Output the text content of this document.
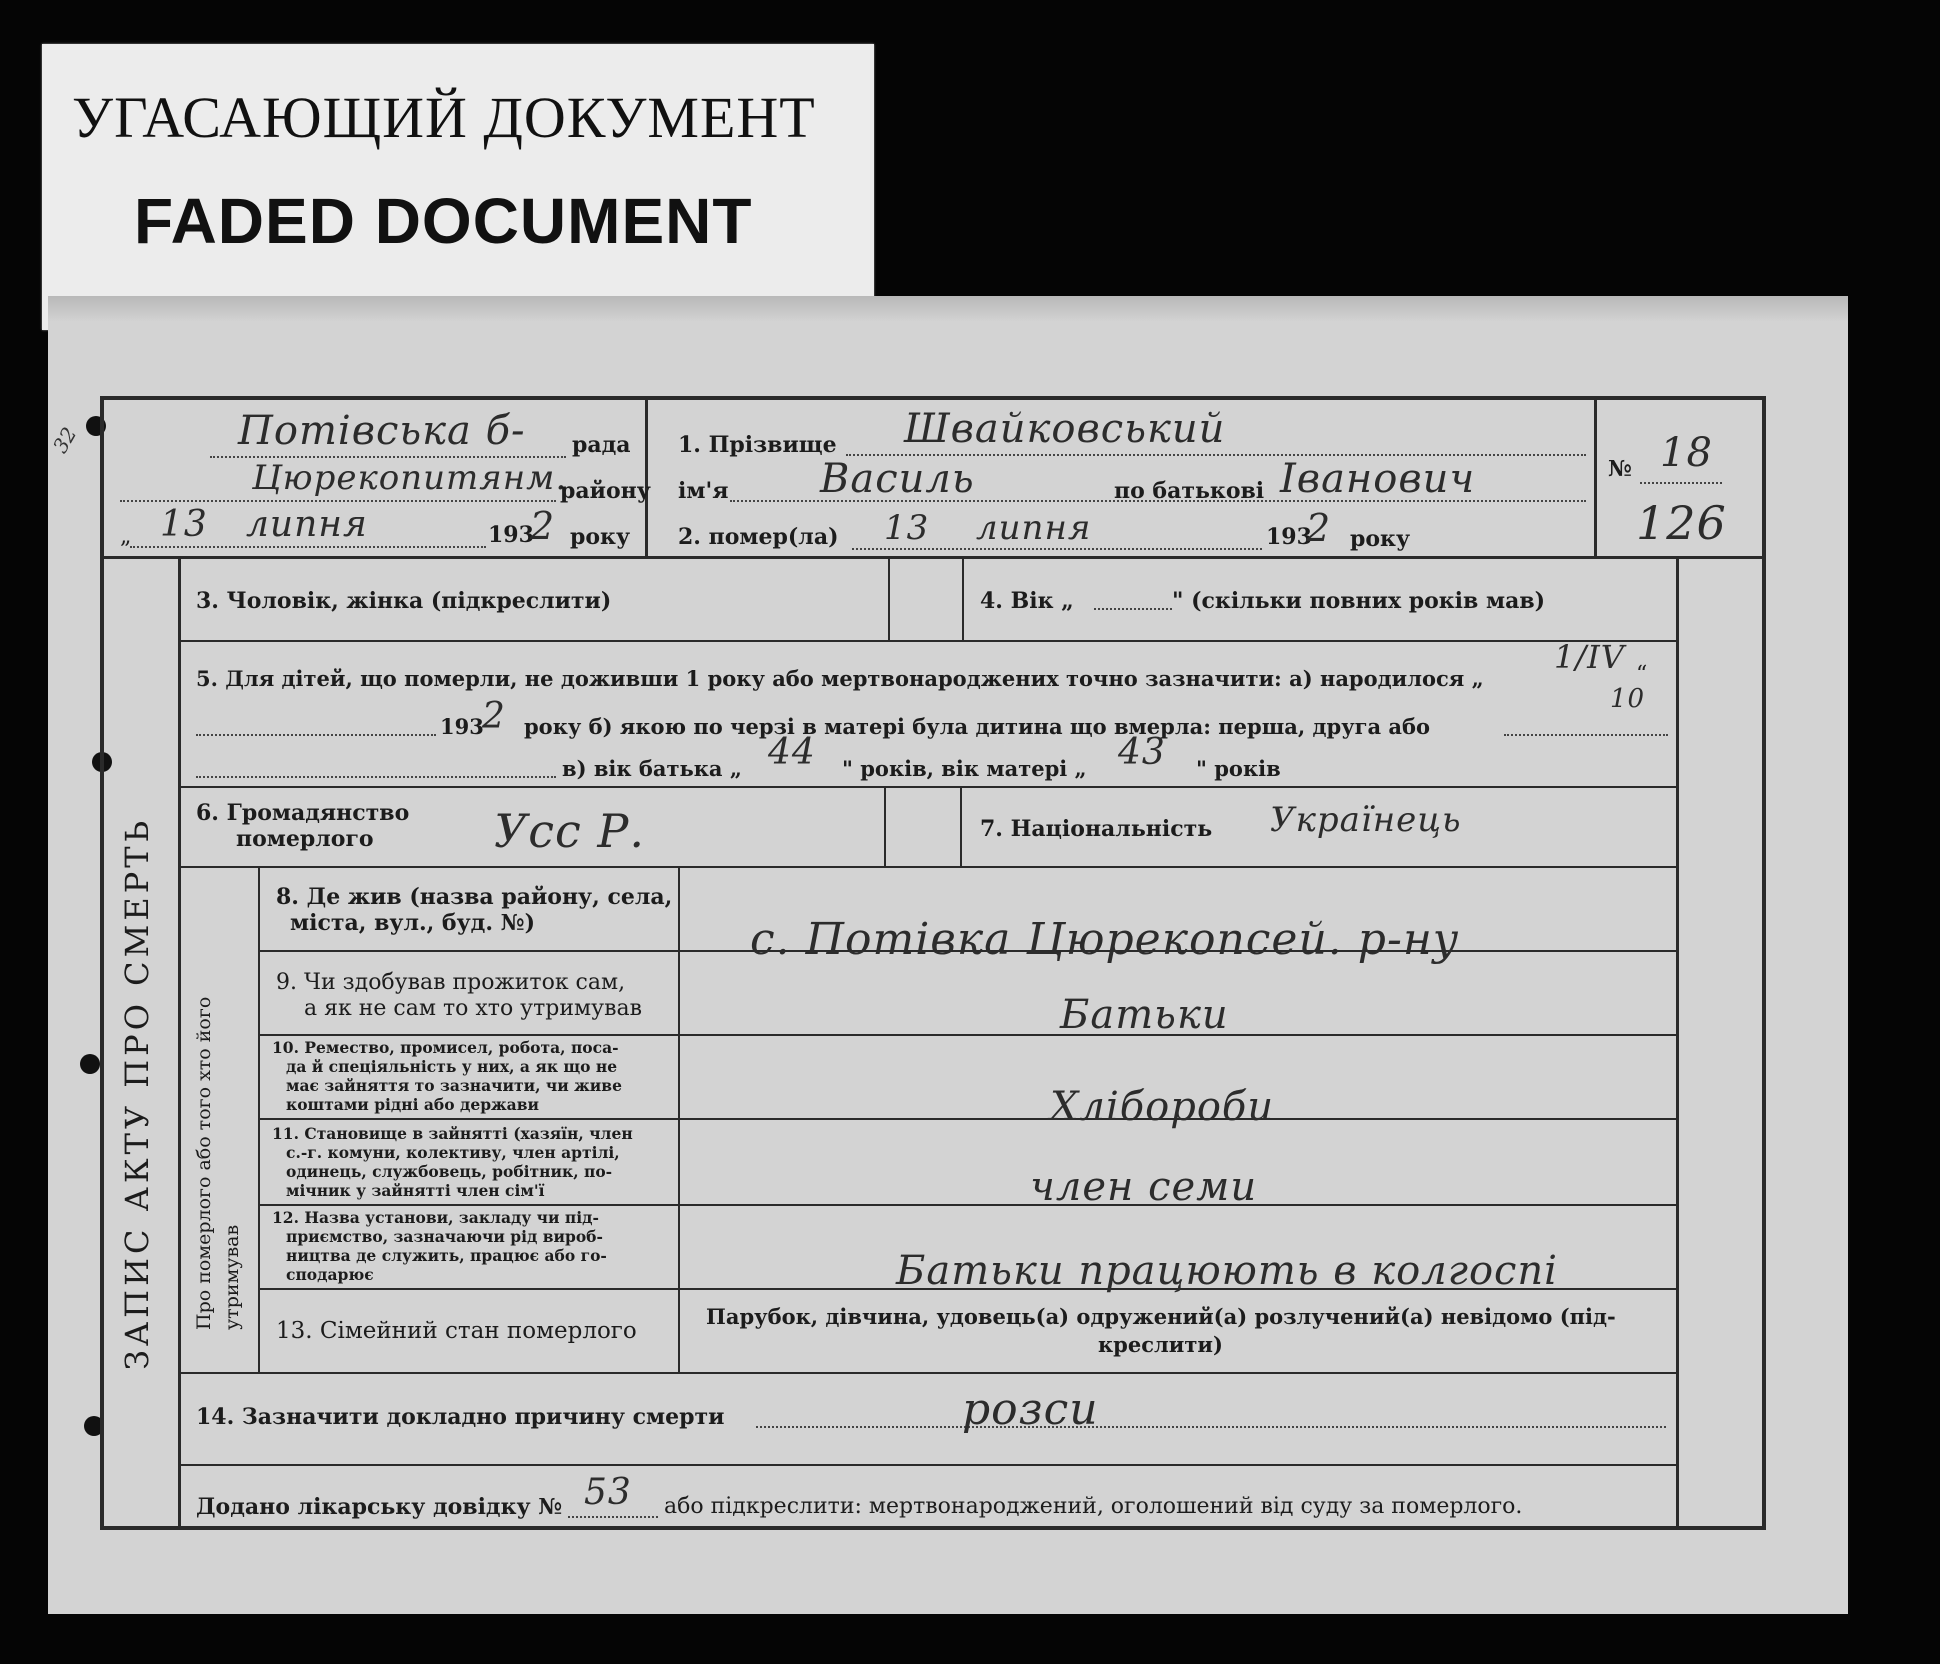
УГАСАЮЩИЙ ДОКУМЕНТ
FADED DOCUMENT
32
ЗАПИС АКТУ ПРО СМЕРТЬ Про померлого або того хто його утримував
Потівська б- рада
Цюрекопитянм.
району
„ 13 липня	193
2 року
1. Прізвище Швайковський
ім'я Василь	по батькові Іванович
2. помер(ла) 13 липня	193
2 року
№ 18
126
3. Чоловік, жінка (підкреслити)	4. Вік „	" (скільки повних років мав)
5. Для дітей, що померли, не доживши 1 року або мертвонароджених точно зазначити: а) народилося „
1/IV
10
“
193
2 року б) якою по черзі в матері була дитина що вмерла: перша, друга або
в) вік батька „ 44 " років, вік матері „ 43 " років
6. Громадянство
померлого	Усс Р.	7. Національність Українець
8. Де жив (назва району, села,
міста, вул., буд. №)	с. Потівка Цюрекопсей. р-ну
9. Чи здобував прожиток сам,
а як не сам то хто утримував	Батьки
10. Ремество, промисел, робота, поса-
да й спеціяльність у них, а як що не
має зайняття то зазначити, чи живе
коштами рідні або держави	Хлібороби
11. Становище в зайнятті (хазяїн, член
с.-г. комуни, колективу, член артілі,
одинець, службовець, робітник, по-
мічник у зайнятті член сім'ї	член семи
12. Назва установи, закладу чи під-
приємство, зазначаючи рід вироб-
ництва де служить, працює або го-
сподарює	Батьки працюють в колгоспі
13. Сімейний стан померлого
Парубок, дівчина, удовець(а) одружений(а) розлучений(а) невідомо (під-
креслити)
14. Зазначити докладно причину смерти	розси
Додано лікарську довідку № 53 або підкреслити: мертвонароджений, оголошений від суду за померлого.
